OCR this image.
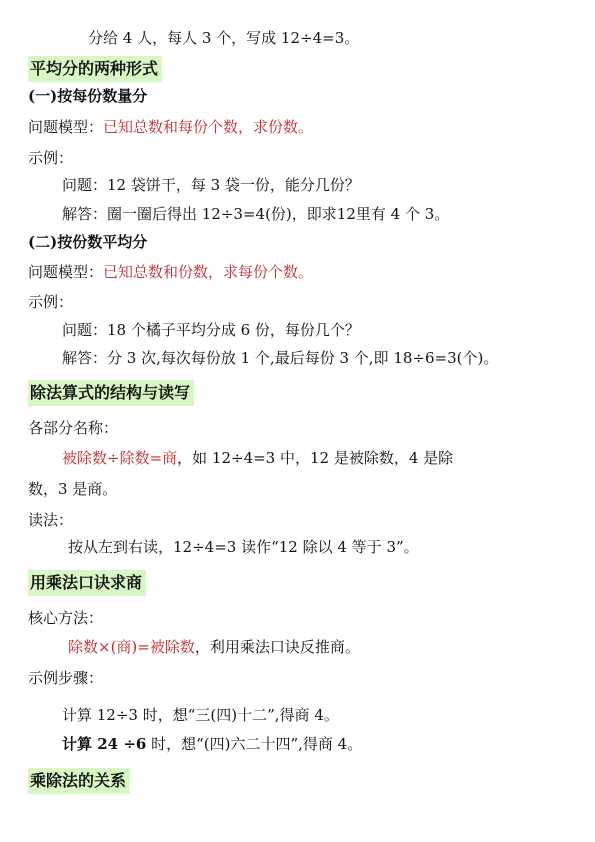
分给 4 人，每人 3 个，写成 12÷4=3。
平均分的两种形式
(一)按每份数量分
问题模型：已知总数和每份个数，求份数。
示例：
问题：12 袋饼干，每 3 袋一份，能分几份？
解答：圈一圈后得出 12÷3=4(份)，即求12里有 4 个 3。
(二)按份数平均分
问题模型：已知总数和份数，求每份个数。
示例：
问题：18 个橘子平均分成 6 份，每份几个？
解答：分 3 次,每次每份放 1 个,最后每份 3 个,即 18÷6=3(个)。
除法算式的结构与读写
各部分名称：
被除数÷除数=商，如 12÷4=3 中，12 是被除数，4 是除
数，3 是商。
读法：
按从左到右读，12÷4=3 读作“12 除以 4 等于 3”。
用乘法口诀求商
核心方法：
除数×(商)=被除数，利用乘法口诀反推商。
示例步骤：
计算 12÷3 时，想“三(四)十二”,得商 4。
计算 24 ÷6 时，想“(四)六二十四”,得商 4。
乘除法的关系
